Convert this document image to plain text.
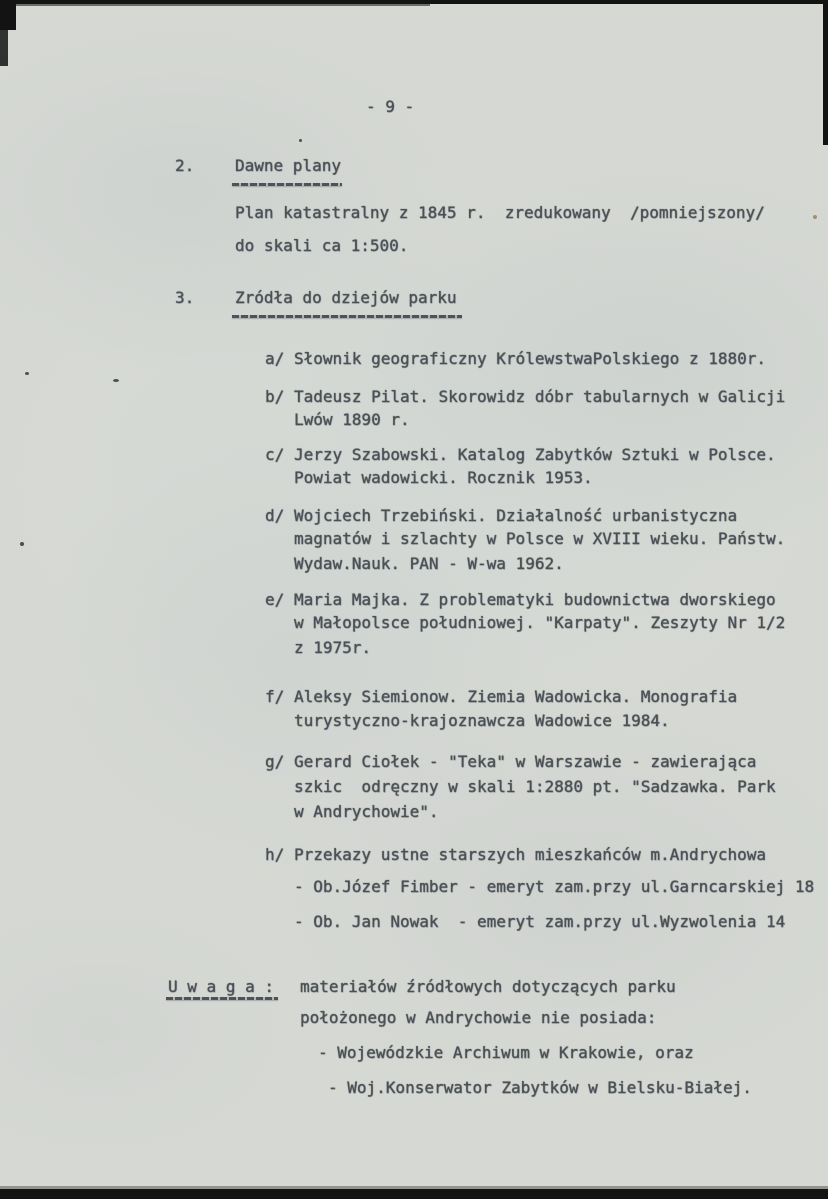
- 9 -
2.	Dawne plany
Plan katastralny z 1845 r.  zredukowany  /pomniejszony/
do skali ca 1:500.
3.	Zródła do dziejów parku
a/ Słownik geograficzny KrólewstwaPolskiego z 1880r.
b/ Tadeusz Pilat. Skorowidz dóbr tabularnych w Galicji
Lwów 1890 r.
c/ Jerzy Szabowski. Katalog Zabytków Sztuki w Polsce.
Powiat wadowicki. Rocznik 1953.
d/ Wojciech Trzebiński. Działalność urbanistyczna
magnatów i szlachty w Polsce w XVIII wieku. Państw.
Wydaw.Nauk. PAN - W-wa 1962.
e/ Maria Majka. Z problematyki budownictwa dworskiego
w Małopolsce południowej. "Karpaty". Zeszyty Nr 1/2
z 1975r.
f/ Aleksy Siemionow. Ziemia Wadowicka. Monografia
turystyczno-krajoznawcza Wadowice 1984.
g/ Gerard Ciołek - "Teka" w Warszawie - zawierająca
szkic  odręczny w skali 1:2880 pt. "Sadzawka. Park
w Andrychowie".
h/ Przekazy ustne starszych mieszkańców m.Andrychowa
- Ob.Józef Fimber - emeryt zam.przy ul.Garncarskiej 18
- Ob. Jan Nowak  - emeryt zam.przy ul.Wyzwolenia 14
U w a g a : materiałów źródłowych dotyczących parku
położonego w Andrychowie nie posiada:
- Wojewódzkie Archiwum w Krakowie, oraz
- Woj.Konserwator Zabytków w Bielsku-Białej.
